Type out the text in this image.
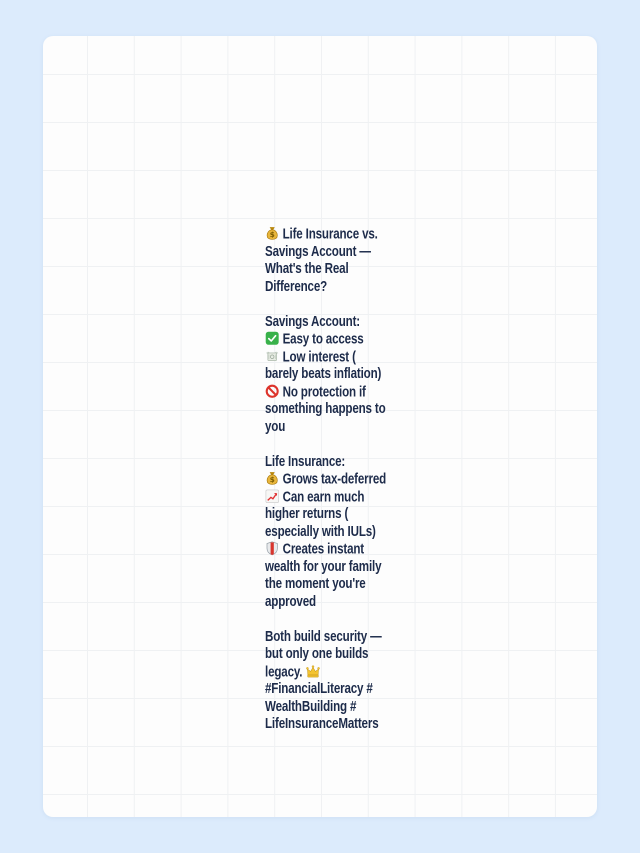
$ Life Insurance vs.
Savings Account —
What's the Real
Difference?

Savings Account:
Easy to access
Low interest (
barely beats inflation)
No protection if
something happens to
you

Life Insurance:
$ Grows tax-deferred
Can earn much
higher returns (
especially with IULs)
Creates instant
wealth for your family
the moment you're
approved

Both build security —
but only one builds
legacy.
#FinancialLiteracy #
WealthBuilding #
LifeInsuranceMatters
